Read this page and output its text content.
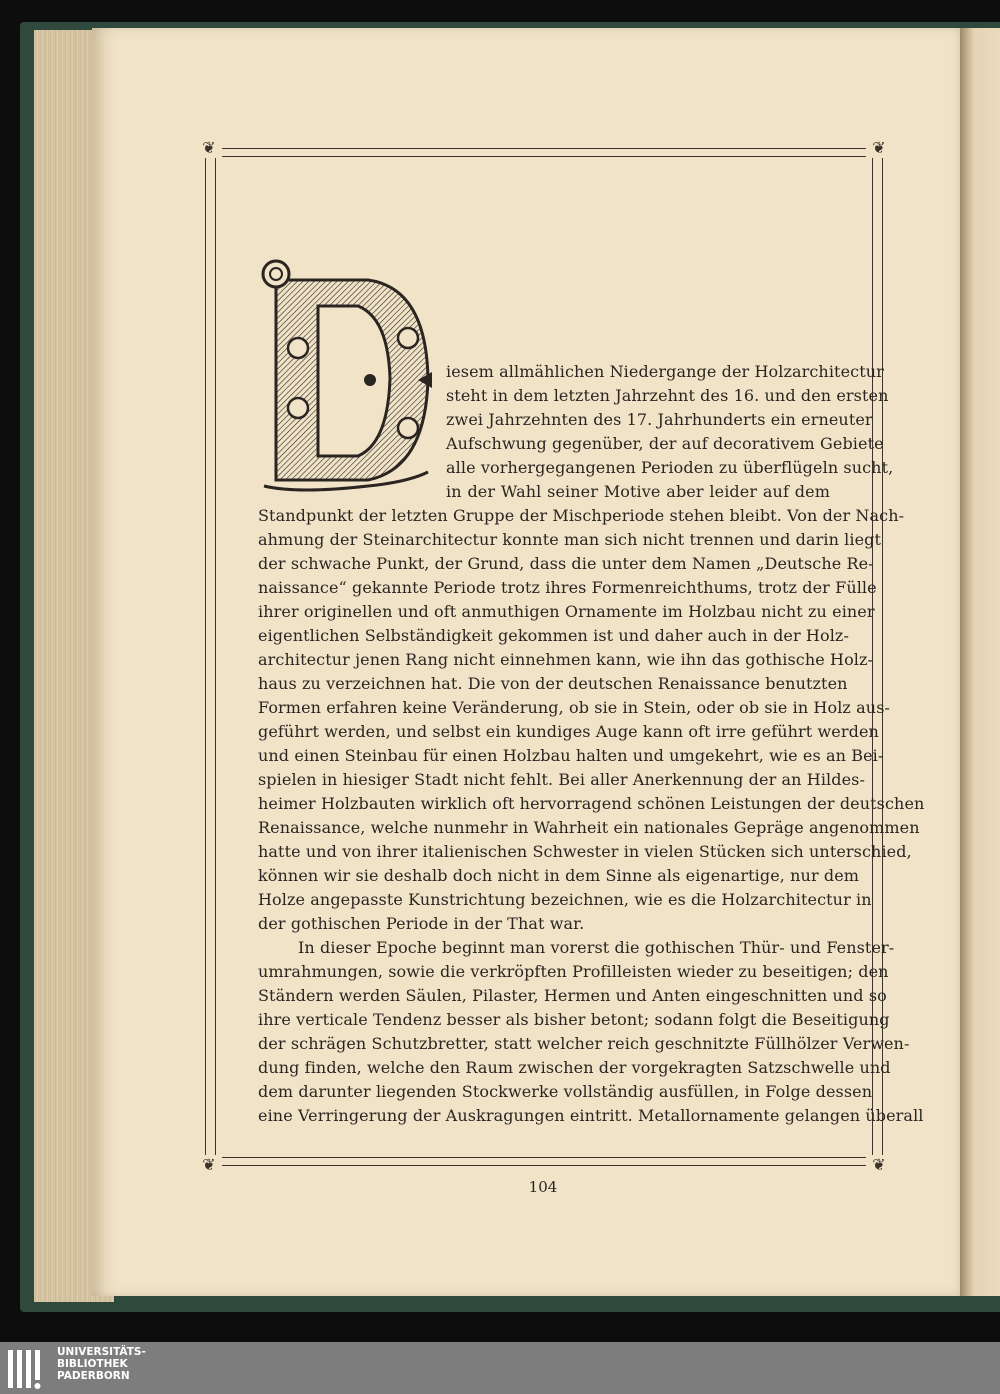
❦	❦
❦	❦
iesem allmählichen Niedergange der Holzarchitectur
steht in dem letzten Jahrzehnt des 16. und den ersten
zwei Jahrzehnten des 17. Jahrhunderts ein erneuter
Aufschwung gegenüber, der auf decorativem Gebiete
alle vorhergegangenen Perioden zu überflügeln sucht,
in der Wahl seiner Motive aber leider auf dem
Standpunkt der letzten Gruppe der Mischperiode stehen bleibt. Von der Nach-
ahmung der Steinarchitectur konnte man sich nicht trennen und darin liegt
der schwache Punkt, der Grund, dass die unter dem Namen „Deutsche Re-
naissance“ gekannte Periode trotz ihres Formenreichthums, trotz der Fülle
ihrer originellen und oft anmuthigen Ornamente im Holzbau nicht zu einer
eigentlichen Selbständigkeit gekommen ist und daher auch in der Holz-
architectur jenen Rang nicht einnehmen kann, wie ihn das gothische Holz-
haus zu verzeichnen hat. Die von der deutschen Renaissance benutzten
Formen erfahren keine Veränderung, ob sie in Stein, oder ob sie in Holz aus-
geführt werden, und selbst ein kundiges Auge kann oft irre geführt werden
und einen Steinbau für einen Holzbau halten und umgekehrt, wie es an Bei-
spielen in hiesiger Stadt nicht fehlt. Bei aller Anerkennung der an Hildes-
heimer Holzbauten wirklich oft hervorragend schönen Leistungen der deutschen
Renaissance, welche nunmehr in Wahrheit ein nationales Gepräge angenommen
hatte und von ihrer italienischen Schwester in vielen Stücken sich unterschied,
können wir sie deshalb doch nicht in dem Sinne als eigenartige, nur dem
Holze angepasste Kunstrichtung bezeichnen, wie es die Holzarchitectur in
der gothischen Periode in der That war.
In dieser Epoche beginnt man vorerst die gothischen Thür- und Fenster-
umrahmungen, sowie die verkröpften Profilleisten wieder zu beseitigen; den
Ständern werden Säulen, Pilaster, Hermen und Anten eingeschnitten und so
ihre verticale Tendenz besser als bisher betont; sodann folgt die Beseitigung
der schrägen Schutzbretter, statt welcher reich geschnitzte Füllhölzer Verwen-
dung finden, welche den Raum zwischen der vorgekragten Satzschwelle und
dem darunter liegenden Stockwerke vollständig ausfüllen, in Folge dessen
eine Verringerung der Auskragungen eintritt. Metallornamente gelangen überall
104
UNIVERSITÄTS-
BIBLIOTHEK
PADERBORN
